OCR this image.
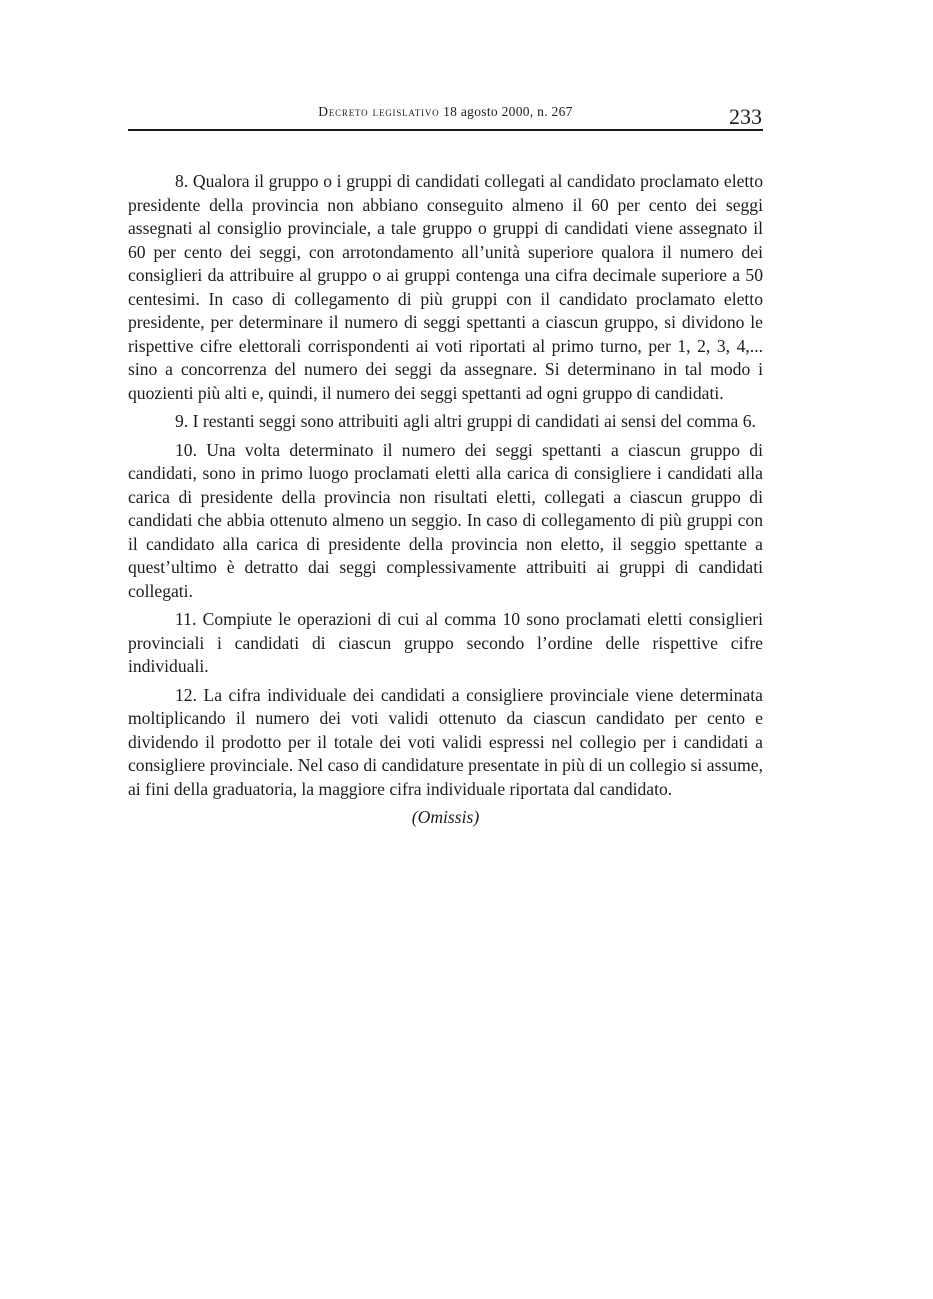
Decreto legislativo 18 agosto 2000, n. 267	233

8. Qualora il gruppo o i gruppi di candidati collegati al candidato proclamato eletto presidente della provincia non abbiano conseguito almeno il 60 per cento dei seggi assegnati al consiglio provinciale, a tale gruppo o gruppi di candidati viene assegnato il 60 per cento dei seggi, con arrotondamento all’unità superiore qualora il numero dei consiglieri da attribuire al gruppo o ai gruppi contenga una cifra decimale superiore a 50 centesimi. In caso di collegamento di più gruppi con il candidato proclamato eletto presidente, per determinare il numero di seggi spettanti a ciascun gruppo, si dividono le rispettive cifre elettorali corrispondenti ai voti riportati al primo turno, per 1, 2, 3, 4,... sino a concorrenza del numero dei seggi da assegnare. Si determinano in tal modo i quozienti più alti e, quindi, il numero dei seggi spettanti ad ogni gruppo di candidati.

9. I restanti seggi sono attribuiti agli altri gruppi di candidati ai sensi del comma 6.

10. Una volta determinato il numero dei seggi spettanti a ciascun gruppo di candidati, sono in primo luogo proclamati eletti alla carica di consigliere i candidati alla carica di presidente della provincia non risultati eletti, collegati a ciascun gruppo di candidati che abbia ottenuto almeno un seggio. In caso di collegamento di più gruppi con il candidato alla carica di presidente della provincia non eletto, il seggio spettante a quest’ultimo è detratto dai seggi complessivamente attribuiti ai gruppi di candidati collegati.

11. Compiute le operazioni di cui al comma 10 sono proclamati eletti consiglieri provinciali i candidati di ciascun gruppo secondo l’ordine delle rispettive cifre individuali.

12. La cifra individuale dei candidati a consigliere provinciale viene determinata moltiplicando il numero dei voti validi ottenuto da ciascun candidato per cento e dividendo il prodotto per il totale dei voti validi espressi nel collegio per i candidati a consigliere provinciale. Nel caso di candidature presentate in più di un collegio si assume, ai fini della graduatoria, la maggiore cifra individuale riportata dal candidato.

(Omissis)
